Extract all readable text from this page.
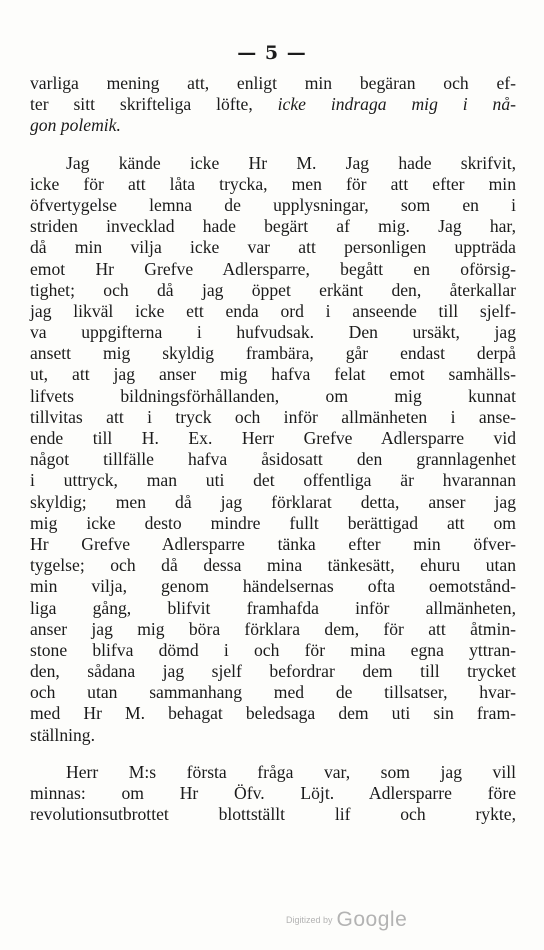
— 5 —
varliga mening att, enligt min begäran och ef-
ter sitt skrifteliga löfte, icke indraga mig i nå-
gon polemik.
Jag kände icke Hr M. Jag hade skrifvit,
icke för att låta trycka, men för att efter min
öfvertygelse lemna de upplysningar, som en i
striden invecklad hade begärt af mig. Jag har,
då min vilja icke var att personligen uppträda
emot Hr Grefve Adlersparre, begått en oförsig-
tighet; och då jag öppet erkänt den, återkallar
jag likväl icke ett enda ord i anseende till sjelf-
va uppgifterna i hufvudsak. Den ursäkt, jag
ansett mig skyldig frambära, går endast derpå
ut, att jag anser mig hafva felat emot samhälls-
lifvets bildningsförhållanden, om mig kunnat
tillvitas att i tryck och inför allmänheten i anse-
ende till H. Ex. Herr Grefve Adlersparre vid
något tillfälle hafva åsidosatt den grannlagenhet
i uttryck, man uti det offentliga är hvarannan
skyldig; men då jag förklarat detta, anser jag
mig icke desto mindre fullt berättigad att om
Hr Grefve Adlersparre tänka efter min öfver-
tygelse; och då dessa mina tänkesätt, ehuru utan
min vilja, genom händelsernas ofta oemotstånd-
liga gång, blifvit framhafda inför allmänheten,
anser jag mig böra förklara dem, för att åtmin-
stone blifva dömd i och för mina egna yttran-
den, sådana jag sjelf befordrar dem till trycket
och utan sammanhang med de tillsatser, hvar-
med Hr M. behagat beledsaga dem uti sin fram-
ställning.
Herr M:s första fråga var, som jag vill
minnas: om Hr Öfv. Löjt. Adlersparre före
revolutionsutbrottet blottställt lif och rykte,
Digitized by Google
